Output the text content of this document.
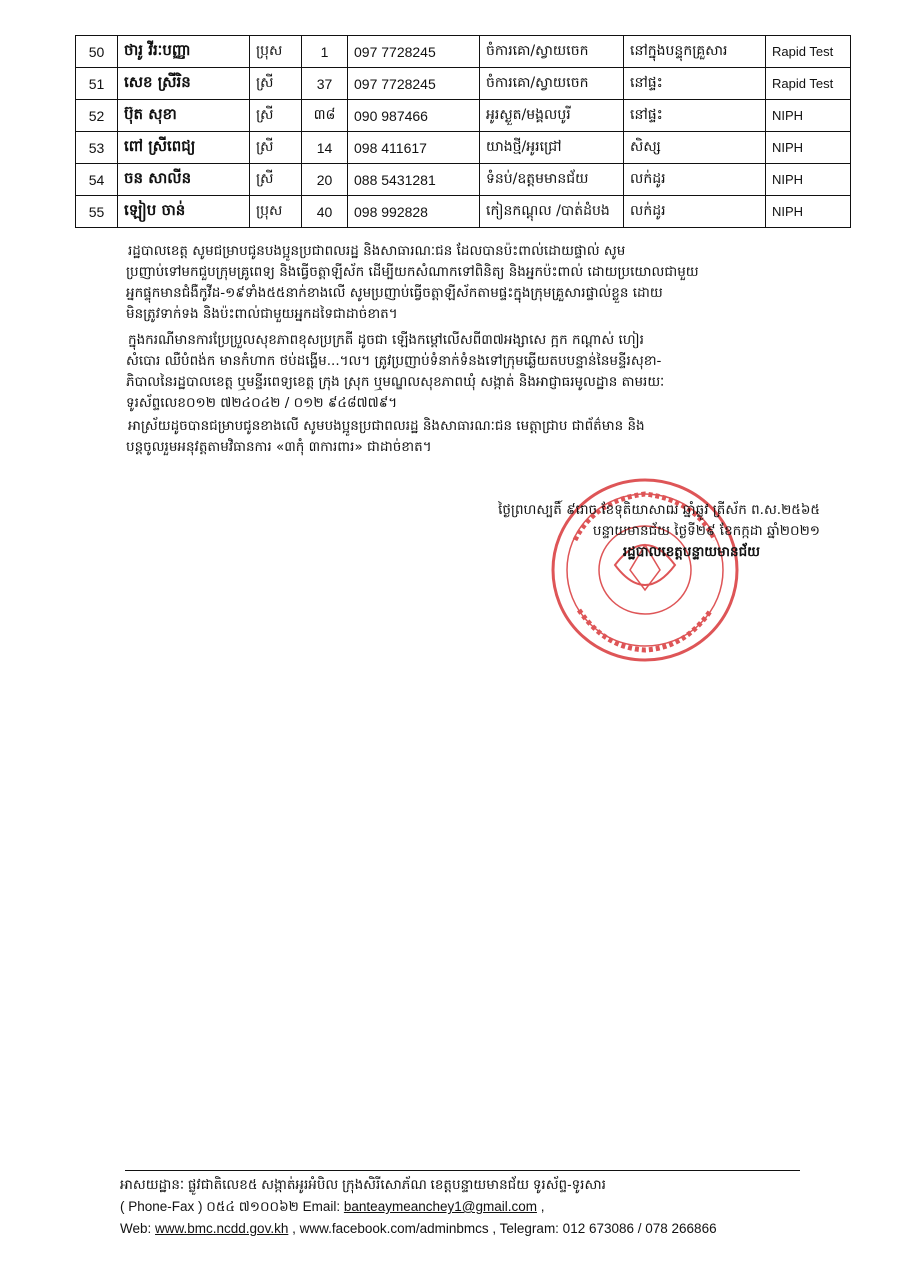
50	ថារូ វីរៈបញ្ញា	ប្រុស	1	097 7728245	ចំការគោ/ស្វាយចេក	នៅក្នុងបន្ទុកគ្រួសារ	Rapid Test
51	សេខ ស្រីរិន	ស្រី	37	097 7728245	ចំការគោ/ស្វាយចេក	នៅផ្ទះ	Rapid Test
52	ប៊ុត សុខា	ស្រី	៣៨	090 987466	អូរស្ងួត/មង្គលបូរី	នៅផ្ទះ	NIPH
53	ពៅ ស្រីពេជ្យ	ស្រី	14	098 411617	យាងថ្មី/អូរជ្រៅ	សិស្ស	NIPH
54	ចន សាលីន	ស្រី	20	088 5431281	ទំនប់/ឧត្តមមានជ័យ	លក់ដូរ	NIPH
55	ឡៀប ចាន់	ប្រុស	40	098 992828	កៀនកណ្តុល /បាត់ដំបង	លក់ដូរ	NIPH

រដ្ឋបាលខេត្ត សូមជម្រាបជូនបងប្អូនប្រជាពលរដ្ឋ និងសាធារណៈជន ដែលបានប៉ះពាល់ដោយផ្ទាល់ សូម

ប្រញាប់ទៅមកជួបក្រុមគ្រូពេទ្យ និងធ្វើចត្តាឡីស័ក ដើម្បីយកសំណាកទៅពិនិត្យ និងអ្នកប៉ះពាល់ ដោយប្រយោលជាមួយ

អ្នកផ្ទុកមានជំងឺកូវីដ-១៩ទាំង៥៥នាក់ខាងលើ សូមប្រញាប់ធ្វើចត្តាឡីស័កតាមផ្ទះក្នុងក្រុមគ្រួសារផ្ទាល់ខ្លួន ដោយ

មិនត្រូវទាក់ទង និងប៉ះពាល់ជាមួយអ្នកដទៃជាដាច់ខាត។

ក្នុងករណីមានការប្រែប្រួលសុខភាពខុសប្រក្រតី ដូចជា ឡើងកម្តៅលើសពី៣៧អង្សាសេ ក្អក កណ្តាស់ ហៀរ

សំបោរ ឈឺបំពង់ក មានកំហាក ថប់ដង្ហើម...។ល។ ត្រូវប្រញាប់ទំនាក់ទំនងទៅក្រុមឆ្លើយតបបន្ទាន់នៃមន្ទីរសុខា-

ភិបាលនៃរដ្ឋបាលខេត្ត ឬមន្ទីរពេទ្យខេត្ត ក្រុង ស្រុក ឬមណ្ឌលសុខភាពឃុំ សង្កាត់ និងអាជ្ញាធរមូលដ្ឋាន តាមរយៈ

ទូរស័ព្ទលេខ០១២ ៧២៤០៤២ / ០១២ ៩៤៨៧៧៩។

អាស្រ័យដូចបានជម្រាបជូនខាងលើ សូមបងប្អូនប្រជាពលរដ្ឋ និងសាធារណៈជន មេត្តាជ្រាប ជាព័ត៌មាន និង

បន្តចូលរួមអនុវត្តតាមវិធានការ «៣កុំ ៣ការពារ» ជាដាច់ខាត។

ថ្ងៃព្រហស្បតិ៍ ៩រោច ខែទុតិយាសាឍ ឆ្នាំឆ្លូវ ត្រីស័ក ព.ស.២៥៦៥
បន្ទាយមានជ័យ ថ្ងៃទី២៩ ខែកក្កដា ឆ្នាំ២០២១
រដ្ឋបាលខេត្តបន្ទាយមានជ័យ
អាសយដ្ឋានៈ ផ្លូវជាតិលេខ៥ សង្កាត់អូរអំបិល ក្រុងសិរីសោភ័ណ ខេត្តបន្ទាយមានជ័យ ទូរស័ព្ទ-ទូរសារ
( Phone-Fax ) ០៥៤ ៧១០០៦២ Email: banteaymeanchey1@gmail.com ,
Web: www.bmc.ncdd.gov.kh , www.facebook.com/adminbmcs , Telegram: 012 673086 / 078 266866
